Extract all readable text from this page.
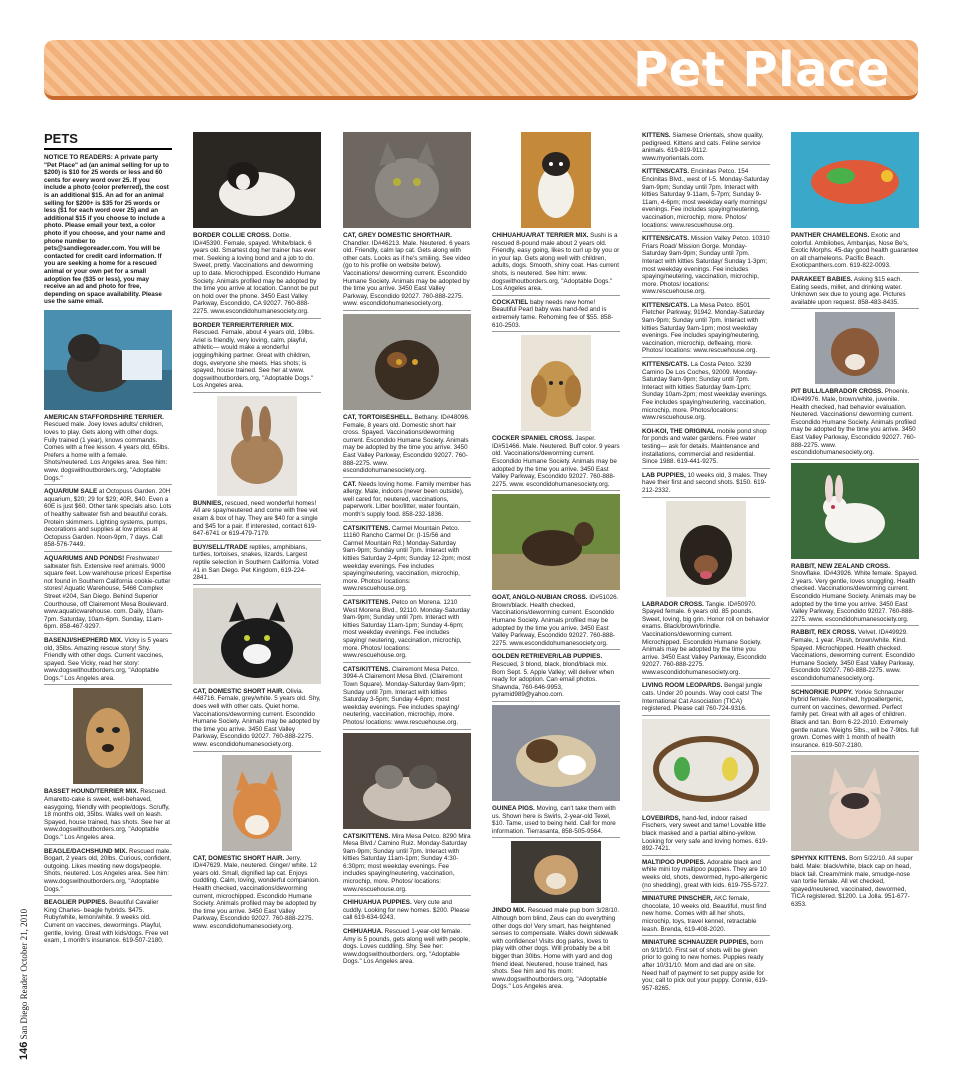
Pet Place
146 San Diego Reader October 21, 2010
PETS
NOTICE TO READERS: A private party "Pet Place" ad (an animal selling for up to $200) is $10 for 25 words or less and 60 cents for every word over 25. If you include a photo (color preferred), the cost is an additional $15. An ad for an animal selling for $200+ is $35 for 25 words or less ($1 for each word over 25) and an additional $15 if you choose to include a photo. Please email your text, a color photo if you choose, and your name and phone number to pets@sandiegoreader.com. You will be contacted for credit card information. If you are seeking a home for a rescued animal or your own pet for a small adoption fee ($35 or less), you may receive an ad and photo for free, depending on space availability. Please use the same email.
AMERICAN STAFFORDSHIRE TERRIER. Rescued male. Joey loves adults/ children, loves to play. Gets along with other dogs. Fully trained (1 year), knows commands. Comes with a free lesson. 4 years old, 65lbs. Prefers a home with a female. Shots/neutered. Los Angeles area. See him: www. dogswithoutborders.org, "Adoptable Dogs."
AQUARIUM SALE at Octopuss Garden. 20H aquarium, $20; 29 for $29; 40R, $40. Even a 60E is just $60. Other tank specials also. Lots of healthy saltwater fish and beautiful corals. Protein skimmers. Lighting systems, pumps, decorations and supplies at low prices at Octopuss Garden. Noon-9pm, 7 days. Call 858-576-7449.
AQUARIUMS AND PONDS! Freshwater/ saltwater fish. Extensive reef animals. 9000 square feet. Low warehouse prices! Expertise not found in Southern California cookie-cutter stores! Aquatic Warehouse, 5466 Complex Street #204, San Diego. Behind Superior Courthouse, off Clairemont Mesa Boulevard. www.aquaticwarehouse. com. Daily, 10am-7pm. Saturday, 10am-6pm. Sunday, 11am-6pm. 858-467-9297.
BASENJI/SHEPHERD MIX. Vicky is 5 years old, 35lbs. Amazing rescue story! Shy. Friendly with other dogs. Current vaccines, spayed. See Vicky, read her story: www.dogswithoutborders.org, "Adoptable Dogs." Los Angeles area.
BASSET HOUND/TERRIER MIX. Rescued. Amaretto-cake is sweet, well-behaved, easygoing, friendly with people/dogs. Scruffy, 18 months old, 35lbs. Walks well on leash. Spayed, house trained, has shots. See her at www.dogswithoutborders.org, "Adoptable Dogs." Los Angeles area.
BEAGLE/DACHSHUND MIX. Rescued male. Bogart, 2 years old, 20lbs. Curious, confident, outgoing. Likes meeting new dogs/people. Shots, neutered. Los Angeles area. See him: www.dogswithoutborders.org, "Adoptable Dogs."
BEAGLIER PUPPIES. Beautiful Cavalier King Charles- beagle hybrids. $475. Ruby/white, lemon/white. 9 weeks old. Current on vaccines, dewormings. Playful, gentle, loving. Great with kids/dogs. Free vet exam, 1 month's insurance. 619-507-2180.
BORDER COLLIE CROSS. Dottie. ID#45390. Female, spayed. White/black. 6 years old. Smartest dog her trainer has ever met. Seeking a loving bond and a job to do. Sweet, pretty. Vaccinations and deworming up to date. Microchipped. Escondido Humane Society. Animals profiled may be adopted by the time you arrive at location. Cannot be put on hold over the phone. 3450 East Valley Parkway, Escondido, CA 92027. 760-888-2275. www.escondidohumanesociety.org.
BORDER TERRIER/TERRIER MIX. Rescued. Female, about 4 years old, 19lbs. Ariel is friendly, very loving, calm, playful, athletic— would make a wonderful jogging/hiking partner. Great with children, dogs, everyone she meets. Has shots; is spayed, house trained. See her at www. dogswithoutborders.org, "Adoptable Dogs." Los Angeles area.
BUNNIES, rescued, need wonderful homes! All are spay/neutered and come with free vet exam & box of hay. They are $40 for a single and $45 for a pair. If interested, contact 619-647-6741 or 619-479-7179.
BUY/SELL/TRADE reptiles, amphibians, turtles, tortoises, snakes, lizards. Largest reptile selection in Southern California. Voted #1 in San Diego. Pet Kingdom, 619-224-2841.
CAT, DOMESTIC SHORT HAIR. Olivia. #48716. Female, grey/white. 5 years old. Shy, does well with other cats. Quiet home. Vaccinations/deworming current. Escondido Humane Society. Animals may be adopted by the time you arrive. 3450 East Valley Parkway, Escondido 92027. 760-888-2275. www. escondidohumanesociety.org.
CAT, DOMESTIC SHORT HAIR. Jerry. ID#47629. Male, neutered. Ginger/ white. 12 years old. Small, dignified lap cat. Enjoys cuddling. Calm, loving, wonderful companion. Health checked, vaccinations/deworming current, microchipped. Escondido Humane Society. Animals profiled may be adopted by the time you arrive. 3450 East Valley Parkway, Escondido 92027. 760-888-2275. www. escondidohumanesociety.org.
CAT, GREY DOMESTIC SHORTHAIR. Chandler. ID#46213. Male. Neutered. 6 years old. Friendly, calm lap cat. Gets along with other cats. Looks as if he's smiling. See video (go to his profile on website below). Vaccinations/ deworming current. Escondido Humane Society. Animals may be adopted by the time you arrive. 3450 East Valley Parkway, Escondido 92027. 760-888-2275. www. escondidohumanesociety.org.
CAT, TORTOISESHELL. Bethany. ID#48096. Female, 8 years old. Domestic short hair cross. Spayed. Vaccinations/deworming current. Escondido Humane Society. Animals may be adopted by the time you arrive. 3450 East Valley Parkway, Escondido 92027. 760-888-2275. www. escondidohumanesociety.org.
CAT. Needs loving home. Family member has allergy. Male, indoors (never been outside), well cared for, neutered, vaccinations, paperwork. Litter box/litter, water fountain, month's supply food. 858-232-1836.
CATS/KITTENS. Carmel Mountain Petco. 11160 Rancho Carmel Dr. (I-15/56 and Carmel Mountain Rd.) Monday-Saturday 9am-9pm; Sunday until 7pm. Interact with kitties Saturday 2-4pm; Sunday 12-2pm; most weekday evenings. Fee includes spaying/neutering, vaccination, microchip, more. Photos/ locations: www.rescuehouse.org.
CATS/KITTENS. Petco on Morena. 1210 West Morena Blvd., 92110. Monday-Saturday 9am-9pm; Sunday until 7pm. Interact with kitties Saturday 11am-1pm; Sunday 4-6pm; most weekday evenings. Fee includes spaying/ neutering, vaccination, microchip, more. Photos/ locations: www.rescuehouse.org.
CATS/KITTENS. Clairemont Mesa Petco. 3994-A Clairemont Mesa Blvd. (Clairemont Town Square). Monday-Saturday 9am-9pm; Sunday until 7pm. Interact with kitties Saturday 3-5pm; Sunday 4-6pm; most weekday evenings. Fee includes spaying/ neutering, vaccination, microchip, more. Photos/ locations: www.rescuehouse.org.
CATS/KITTENS. Mira Mesa Petco. 8290 Mira Mesa Blvd./ Camino Ruiz. Monday-Saturday 9am-9pm; Sunday until 7pm. Interact with kitties Saturday 11am-1pm; Sunday 4:30-6:30pm; most weekday evenings. Fee includes spaying/neutering, vaccination, microchip, more. Photos/ locations: www.rescuehouse.org.
CHIHUAHUA PUPPIES. Very cute and cuddly. Looking for new homes. $200. Please call 619-634-9243.
CHIHUAHUA. Rescued 1-year-old female. Amy is 5 pounds, gets along well with people, dogs. Loves cuddling. Shy. See her: www.dogswithoutborders. org, "Adoptable Dogs." Los Angeles area.
CHIHUAHUA/RAT TERRIER MIX. Sushi is a rescued 8-pound male about 2 years old. Friendly, easy going, likes to curl up by you or in your lap. Gets along well with children, adults, dogs. Smooth, shiny coat. Has current shots, is neutered. See him: www. dogswithoutborders.org, "Adoptable Dogs." Los Angeles area.
COCKATIEL baby needs new home! Beautiful Pearl baby was hand-fed and is extremely tame. Rehoming fee of $55. 858-610-2503.
COCKER SPANIEL CROSS. Jasper. ID#51466. Male. Neutered. Buff color. 9 years old. Vaccinations/deworming current. Escondido Humane Society. Animals may be adopted by the time you arrive. 3450 East Valley Parkway, Escondido 92027. 760-888-2275. www. escondidohumanesociety.org.
GOAT, ANGLO-NUBIAN CROSS. ID#51026. Brown/black. Health checked, Vaccinations/deworming current. Escondido Humane Society. Animals profiled may be adopted by the time you arrive. 3450 East Valley Parkway, Escondido 92027. 760-888-2275. www.escondidohumanesociety.org.
GOLDEN RETRIEVER/LAB PUPPIES. Rescued, 3 blond, black, blond/black mix. Born Sept. 5. Apple Valley; will deliver when ready for adoption. Can email photos. Shawnda, 760-646-9953, pyramid989@yahoo.com.
GUINEA PIGS. Moving, can't take them with us. Shown here is Swirls, 2-year-old Texel, $10. Tame, used to being held. Call for more information. Tierrasanta, 858-505-9564.
JINDO MIX. Rescued male pup born 3/28/10. Although born blind, Zeus can do everything other dogs do! Very smart, has heightened senses to compensate. Walks down sidewalk with confidence! Visits dog parks, loves to play with other dogs. Will probably be a bit bigger than 30lbs. Home with yard and dog friend ideal. Neutered, house trained, has shots. See him and his mom: www.dogswithoutborders.org, "Adoptable Dogs." Los Angeles area.
KITTENS. Siamese Orientals, show quality, pedigreed. Kittens and cats. Feline service animals. 619-819-9112. www.myorientals.com.
KITTENS/CATS. Encinitas Petco. 154 Encinitas Blvd., west of I-5. Monday-Saturday 9am-9pm; Sunday until 7pm. Interact with kitties Saturday 9-11am, 5-7pm; Sunday 9-11am, 4-6pm; most weekday early mornings/ evenings. Fee includes spaying/neutering, vaccination, microchip, more. Photos/ locations: www.rescuehouse.org.
KITTENS/CATS. Mission Valley Petco. 10310 Friars Road/ Mission Gorge. Monday-Saturday 9am-9pm; Sunday until 7pm. Interact with kitties Saturday/ Sunday 1-3pm; most weekday evenings. Fee includes spaying/neutering, vaccination, microchip, more. Photos/ locations: www.rescuehouse.org.
KITTENS/CATS. La Mesa Petco. 8501 Fletcher Parkway, 91942. Monday-Saturday 9am-9pm; Sunday until 7pm. Interact with kitties Saturday 9am-1pm; most weekday evenings. Fee includes spaying/neutering, vaccination, microchip, defleaing, more. Photos/ locations: www.rescuehouse.org.
KITTENS/CATS. La Costa Petco. 3239 Camino De Los Coches, 92009. Monday-Saturday 9am-9pm; Sunday until 7pm. Interact with kitties Saturday 9am-1pm; Sunday 10am-2pm; most weekday evenings. Fee includes spaying/neutering, vaccination, microchip, more. Photos/locations: www.rescuehouse.org.
KOI-KOI, THE ORIGINAL mobile pond shop for ponds and water gardens. Free water testing— ask for details. Maintenance and installations, commercial and residential. Since 1988. 619-441-9275.
LAB PUPPIES, 10 weeks old, 3 males. They have their first and second shots. $150. 619-212-2332.
LABRADOR CROSS. Tangie. ID#50970. Spayed female. 6 years old. 85 pounds. Sweet, loving, big grin. Honor roll on behavior exams. Black/brown/brindle. Vaccinations/deworming current. Microchipped. Escondido Humane Society. Animals may be adopted by the time you arrive. 3450 East Valley Parkway, Escondido 92027. 760-888-2275. www.escondidohumanesociety.org.
LIVING ROOM LEOPARDS. Bengal jungle cats. Under 20 pounds. Way cool cats! The International Cat Association (TICA) registered. Please call 760-724-9316.
LOVEBIRDS, hand-fed, indoor raised Fischers, very sweet and tame! Lovable little black masked and a partial albino-yellow. Looking for very safe and loving homes. 619-892-7421.
MALTIPOO PUPPIES. Adorable black and white mini toy maltipoo puppies. They are 10 weeks old, shots, dewormed, hypo-allergenic (no shedding), great with kids. 619-755-5727.
MINIATURE PINSCHER, AKC female, chocolate, 10 weeks old. Beautiful, must find new home. Comes with all her shots, microchip, toys, travel kennel, retractable leash. Brenda, 619-408-2020.
MINIATURE SCHNAUZER PUPPIES, born on 9/19/10. First set of shots will be given prior to going to new homes. Puppies ready after 10/31/10. Mom and dad are on site. Need half of payment to set puppy aside for you; call to pick out your puppy. Connie, 619-957-8265.
PANTHER CHAMELEONS. Exotic and colorful. Ambilobes, Ambanjas, Nose Be's, Exotic Morphs. 45-day good health guarantee on all chameleons. Pacific Beach. Exoticpanthers.com. 619-822-0093.
PARAKEET BABIES. Asking $15 each. Eating seeds, millet, and drinking water. Unknown sex due to young age. Pictures available upon request. 858-483-8435.
PIT BULL/LABRADOR CROSS. Phoenix. ID#49976. Male, brown/white, juvenile. Health checked, had behavior evaluation. Neutered. Vaccinations/ deworming current. Escondido Humane Society. Animals profiled may be adopted by the time you arrive. 3450 East Valley Parkway, Escondido 92027. 760-888-2275. www. escondidohumanesociety.org.
RABBIT, NEW ZEALAND CROSS. Snowflake. ID#43926. White female. Spayed. 2 years. Very gentle, loves snuggling. Health checked. Vaccinations/deworming current. Escondido Humane Society. Animals may be adopted by the time you arrive. 3450 East Valley Parkway, Escondido 92027. 760-888-2275. www. escondidohumanesociety.org.
RABBIT, REX CROSS. Velvet. ID#49929. Female, 1 year. Plush, brown/white. Kind. Spayed. Microchipped. Health checked. Vaccinations, deworming current. Escondido Humane Society. 3450 East Valley Parkway, Escondido 92027. 760-888-2275. www. escondidohumanesociety.org.
SCHNORKIE PUPPY. Yorkie Schnauzer hybrid female. Nonshed, hypoallergenic, current on vaccines, dewormed. Perfect family pet. Great with all ages of children. Black and tan. Born 6-22-2010. Extremely gentle nature. Weighs 5lbs., will be 7-9lbs. full grown. Comes with 1 month of health insurance. 619-507-2180.
SPHYNX KITTENS. Born 5/22/10. All super bald. Male: black/white, black cap on head, black tail. Cream/mink male, smudge-nose van tortie female. All vet checked, spayed/neutered, vaccinated, dewormed, TICA registered. $1200. La Jolla. 951-677-6353.
